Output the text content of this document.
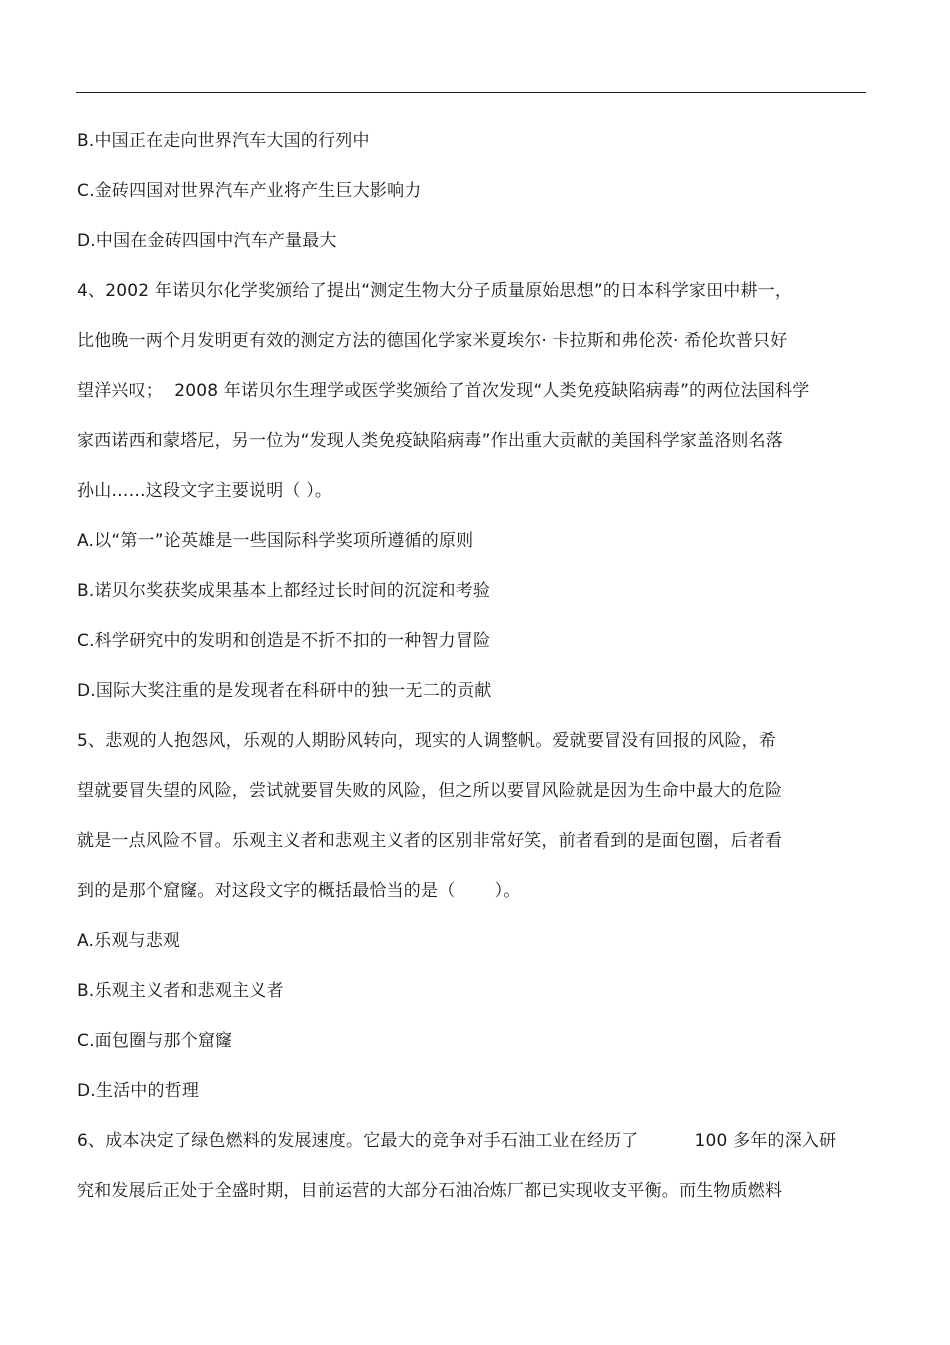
B.中国正在走向世界汽车大国的行列中
C.金砖四国对世界汽车产业将产生巨大影响力
D.中国在金砖四国中汽车产量最大
4、2002 年诺贝尔化学奖颁给了提出“测定生物大分子质量原始思想”的日本科学家田中耕一，
比他晚一两个月发明更有效的测定方法的德国化学家米夏埃尔· 卡拉斯和弗伦茨· 希伦坎普只好
望洋兴叹；  2008 年诺贝尔生理学或医学奖颁给了首次发现“人类免疫缺陷病毒”的两位法国科学
家西诺西和蒙塔尼，另一位为“发现人类免疫缺陷病毒”作出重大贡献的美国科学家盖洛则名落
孙山……这段文字主要说明（ ）。
A.以“第一”论英雄是一些国际科学奖项所遵循的原则
B.诺贝尔奖获奖成果基本上都经过长时间的沉淀和考验
C.科学研究中的发明和创造是不折不扣的一种智力冒险
D.国际大奖注重的是发现者在科研中的独一无二的贡献
5、悲观的人抱怨风，乐观的人期盼风转向，现实的人调整帆。爱就要冒没有回报的风险，希
望就要冒失望的风险，尝试就要冒失败的风险，但之所以要冒风险就是因为生命中最大的危险
就是一点风险不冒。乐观主义者和悲观主义者的区别非常好笑，前者看到的是面包圈，后者看
到的是那个窟窿。对这段文字的概括最恰当的是（       ）。
A.乐观与悲观
B.乐观主义者和悲观主义者
C.面包圈与那个窟窿
D.生活中的哲理
6、成本决定了绿色燃料的发展速度。它最大的竞争对手石油工业在经历了          100 多年的深入研
究和发展后正处于全盛时期，目前运营的大部分石油冶炼厂都已实现收支平衡。而生物质燃料
